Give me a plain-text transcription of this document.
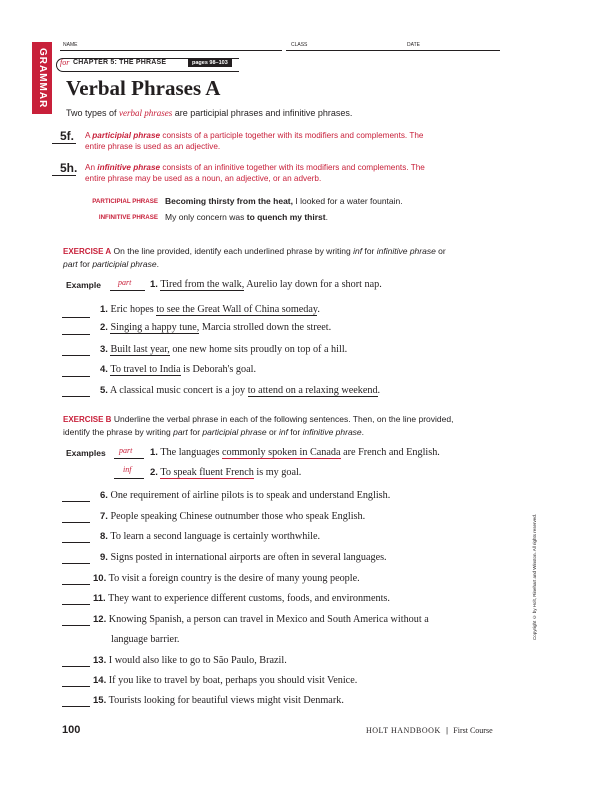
GRAMMAR
NAME	CLASS	DATE
for CHAPTER 5: THE PHRASE	pages 98–103
Verbal Phrases A
Two types of verbal phrases are participial phrases and infinitive phrases.
5f. A participial phrase consists of a participle together with its modifiers and complements. The
entire phrase is used as an adjective.
5h. An infinitive phrase consists of an infinitive together with its modifiers and complements. The
entire phrase may be used as a noun, an adjective, or an adverb.
PARTICIPIAL PHRASE Becoming thirsty from the heat, I looked for a water fountain.
INFINITIVE PHRASE My only concern was to quench my thirst.
EXERCISE A On the line provided, identify each underlined phrase by writing inf for infinitive phrase or
part for participial phrase.
Example part 1. Tired from the walk, Aurelio lay down for a short nap.
1. Eric hopes to see the Great Wall of China someday.
2. Singing a happy tune, Marcia strolled down the street.
3. Built last year, one new home sits proudly on top of a hill.
4. To travel to India is Deborah's goal.
5. A classical music concert is a joy to attend on a relaxing weekend.
EXERCISE B Underline the verbal phrase in each of the following sentences. Then, on the line provided,
identify the phrase by writing part for participial phrase or inf for infinitive phrase.
Examples part 1. The languages commonly spoken in Canada are French and English.
inf 2. To speak fluent French is my goal.
6. One requirement of airline pilots is to speak and understand English.
7. People speaking Chinese outnumber those who speak English.
8. To learn a second language is certainly worthwhile.
9. Signs posted in international airports are often in several languages.
10. To visit a foreign country is the desire of many young people.
11. They want to experience different customs, foods, and environments.
12. Knowing Spanish, a person can travel in Mexico and South America without a
language barrier.
13. I would also like to go to São Paulo, Brazil.
14. If you like to travel by boat, perhaps you should visit Venice.
15. Tourists looking for beautiful views might visit Denmark.
100	HOLT HANDBOOK | First Course
Copyright © by Holt, Rinehart and Winston. All rights reserved.
